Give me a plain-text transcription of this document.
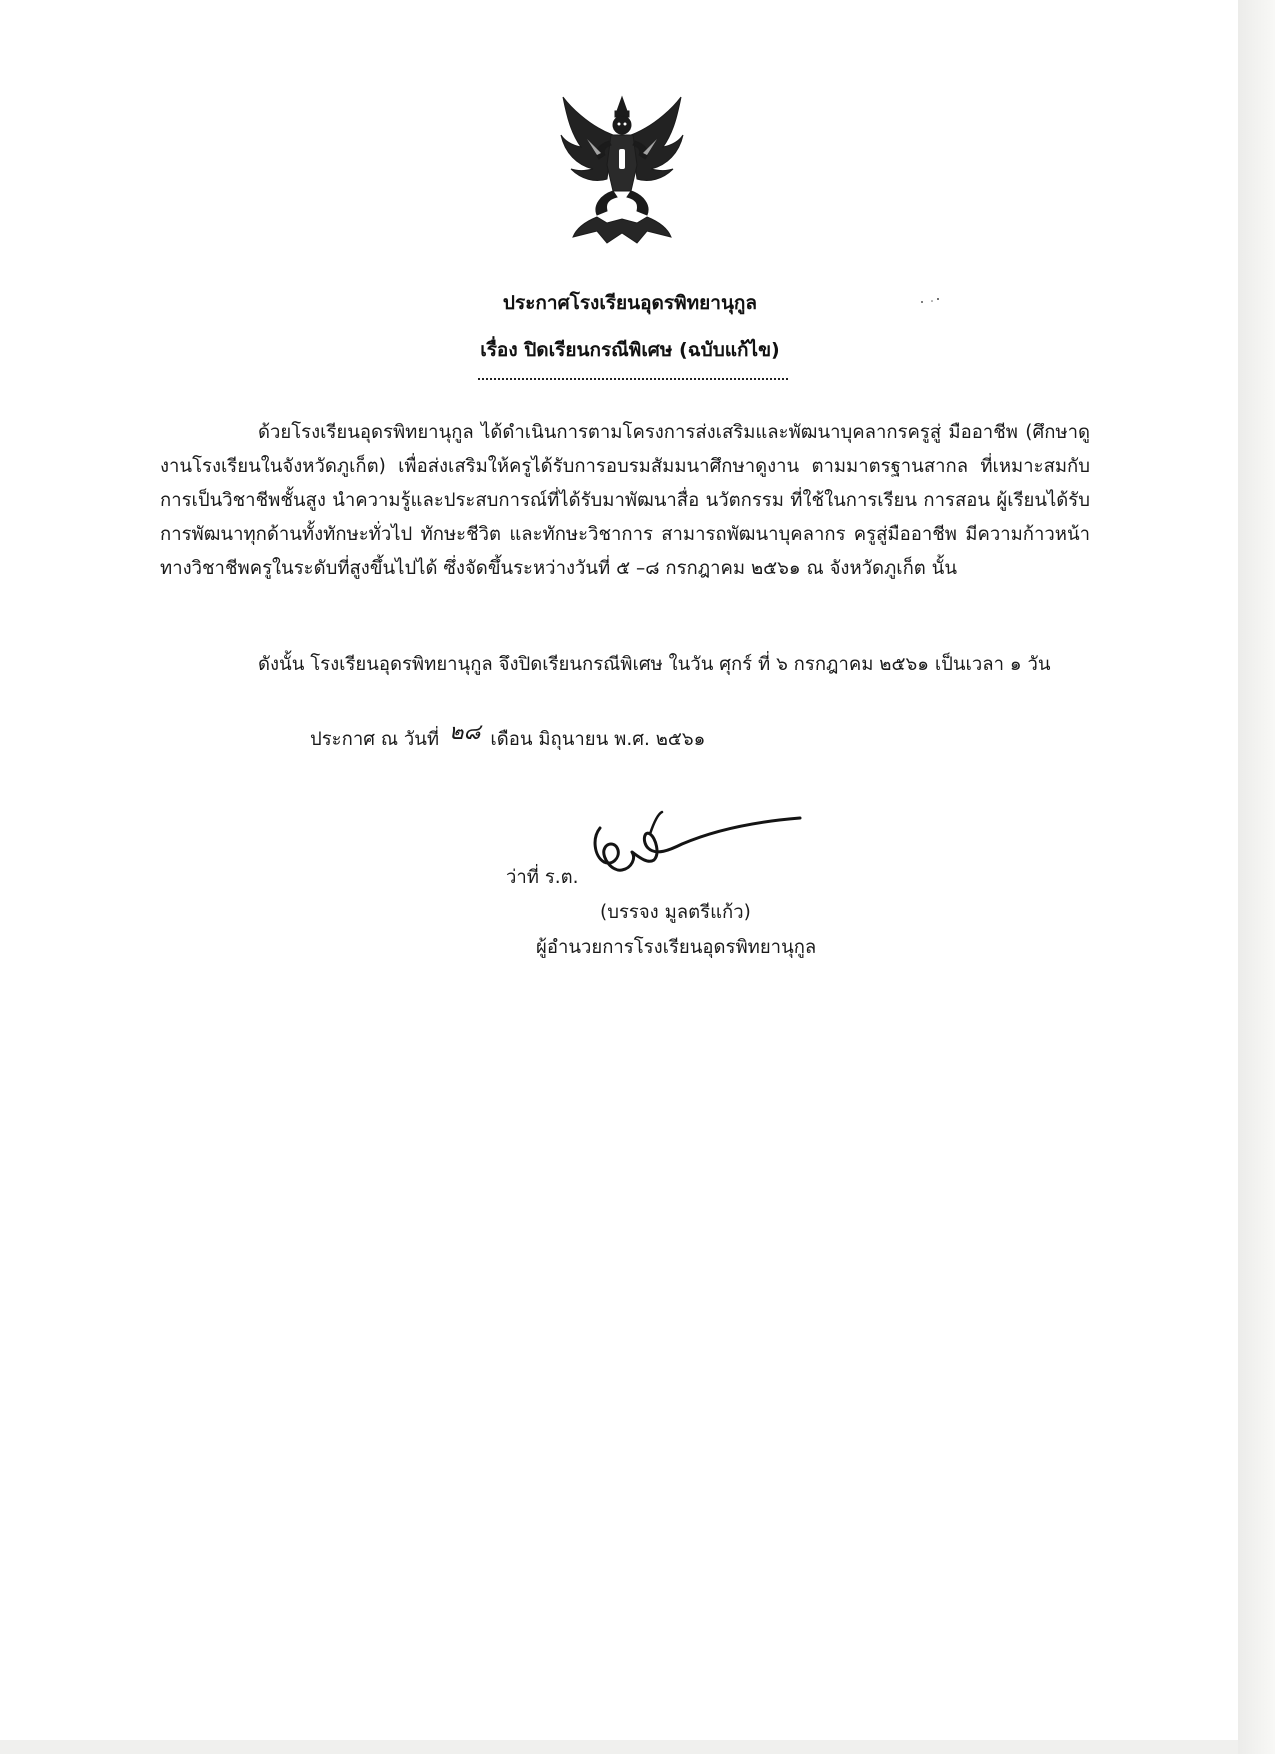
ประกาศโรงเรียนอุดรพิทยานุกูล
เรื่อง ปิดเรียนกรณีพิเศษ (ฉบับแก้ไข)
ด้วยโรงเรียนอุดรพิทยานุกูล ได้ดำเนินการตามโครงการส่งเสริมและพัฒนาบุคลากรครูสู่ มืออาชีพ (ศึกษาดูงานโรงเรียนในจังหวัดภูเก็ต) เพื่อส่งเสริมให้ครูได้รับการอบรมสัมมนาศึกษาดูงาน ตามมาตรฐานสากล ที่เหมาะสมกับการเป็นวิชาชีพชั้นสูง นำความรู้และประสบการณ์ที่ได้รับมาพัฒนาสื่อ นวัตกรรม ที่ใช้ในการเรียน การสอน ผู้เรียนได้รับการพัฒนาทุกด้านทั้งทักษะทั่วไป ทักษะชีวิต และทักษะวิชาการ สามารถพัฒนาบุคลากร ครูสู่มืออาชีพ มีความก้าวหน้าทางวิชาชีพครูในระดับที่สูงขึ้นไปได้ ซึ่งจัดขึ้นระหว่างวันที่ ๕ –๘ กรกฎาคม ๒๕๖๑ ณ จังหวัดภูเก็ต นั้น
ดังนั้น โรงเรียนอุดรพิทยานุกูล จึงปิดเรียนกรณีพิเศษ ในวัน ศุกร์ ที่ ๖ กรกฎาคม ๒๕๖๑ เป็นเวลา ๑ วัน
ประกาศ ณ วันที่ ๒๘ เดือน มิถุนายน พ.ศ. ๒๕๖๑
ว่าที่ ร.ต.
(บรรจง มูลตรีแก้ว)
ผู้อำนวยการโรงเรียนอุดรพิทยานุกูล
